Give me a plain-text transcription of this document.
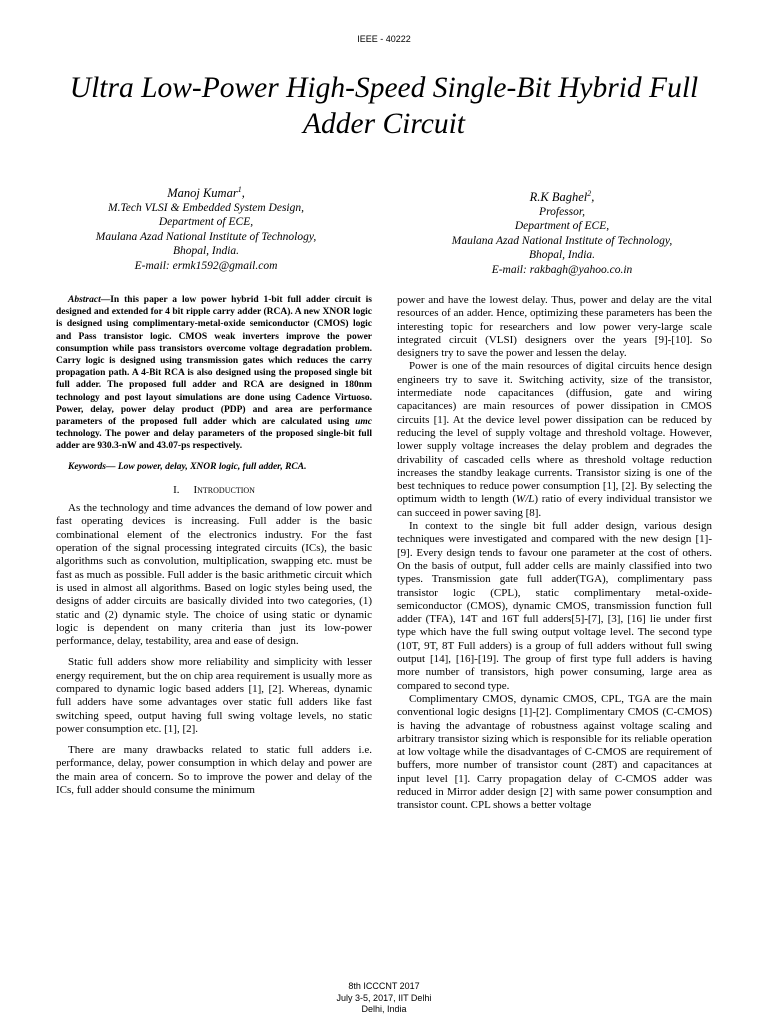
IEEE - 40222
Ultra Low-Power High-Speed Single-Bit Hybrid Full Adder Circuit
Manoj Kumar$^1$,
M.Tech VLSI & Embedded System Design,
Department of ECE,
Maulana Azad National Institute of Technology,
Bhopal, India.
E-mail: ermk1592@gmail.com
R.K Baghel$^2$,
Professor,
Department of ECE,
Maulana Azad National Institute of Technology,
Bhopal, India.
E-mail: rakbagh@yahoo.co.in

Abstract—In this paper a low power hybrid 1-bit full adder circuit is designed and extended for 4 bit ripple carry adder (RCA). A new XNOR logic is designed using complimentary-metal-oxide semiconductor (CMOS) logic and Pass transistor logic. CMOS weak inverters improve the power consumption while pass transistors overcome voltage degradation problem. Carry logic is designed using transmission gates which reduces the carry propagation path. A 4-Bit RCA is also designed using the proposed single bit full adder. The proposed full adder and RCA are designed in 180nm technology and post layout simulations are done using Cadence Virtuoso. Power, delay, power delay product (PDP) and area are performance parameters of the proposed full adder which are calculated using umc technology. The power and delay parameters of the proposed single-bit full adder are 930.3-nW and 43.07-ps respectively.

Keywords— Low power, delay, XNOR logic, full adder, RCA.

I. Introduction

As the technology and time advances the demand of low power and fast operating devices is increasing. Full adder is the basic combinational element of the electronics industry. For the fast operation of the signal processing integrated circuits (ICs), the basic algorithms such as convolution, multiplication, swapping etc. must be fast as much as possible. Full adder is the basic arithmetic circuit which is used in almost all algorithms. Based on logic styles being used, the designs of adder circuits are basically divided into two categories, (1) static and (2) dynamic style. The choice of using static or dynamic logic is dependent on many criteria than just its low-power performance, delay, testability, area and ease of design.

Static full adders show more reliability and simplicity with lesser energy requirement, but the on chip area requirement is usually more as compared to dynamic logic based adders [1], [2]. Whereas, dynamic full adders have some advantages over static full adders like fast switching speed, output having full swing voltage levels, no static power consumption etc. [1], [2].

There are many drawbacks related to static full adders i.e. performance, delay, power consumption in which delay and power are the main area of concern. So to improve the power and delay of the ICs, full adder should consume the minimum

power and have the lowest delay. Thus, power and delay are the vital resources of an adder. Hence, optimizing these parameters has been the interesting topic for researchers and low power very-large scale integrated circuit (VLSI) designers over the years [9]-[10]. So designers try to save the power and lessen the delay.

Power is one of the main resources of digital circuits hence design engineers try to save it. Switching activity, size of the transistor, intermediate node capacitances (diffusion, gate and wiring capacitances) are main resources of power dissipation in CMOS circuits [1]. At the device level power dissipation can be reduced by reducing the level of supply voltage and threshold voltage. However, lower supply voltage increases the delay problem and degrades the drivability of cascaded cells where as threshold voltage reduction increases the standby leakage currents. Transistor sizing is one of the best techniques to reduce power consumption [1], [2]. By selecting the optimum width to length (W/L) ratio of every individual transistor we can succeed in power saving [8].

In context to the single bit full adder design, various design techniques were investigated and compared with the new design [1]-[9]. Every design tends to favour one parameter at the cost of others. On the basis of output, full adder cells are mainly classified into two types. Transmission gate full adder(TGA), complimentary pass transistor logic (CPL), static complimentary metal-oxide-semiconductor (CMOS), dynamic CMOS, transmission function full adder (TFA), 14T and 16T full adders[5]-[7], [3], [16] lie under first type which have the full swing output voltage level. The second type (10T, 9T, 8T Full adders) is a group of full adders without full swing output [14], [16]-[19]. The group of first type full adders is having more number of transistors, high power consuming, large area as compared to second type.

Complimentary CMOS, dynamic CMOS, CPL, TGA are the main conventional logic designs [1]-[2]. Complimentary CMOS (C-CMOS) is having the advantage of robustness against voltage scaling and arbitrary transistor sizing which is responsible for its reliable operation at low voltage while the disadvantages of C-CMOS are requirement of buffers, more number of transistor count (28T) and capacitances at input level [1]. Carry propagation delay of C-CMOS adder was reduced in Mirror adder design [2] with same power consumption and transistor count. CPL shows a better voltage

8th ICCCNT 2017
July 3-5, 2017, IIT Delhi
Delhi, India
